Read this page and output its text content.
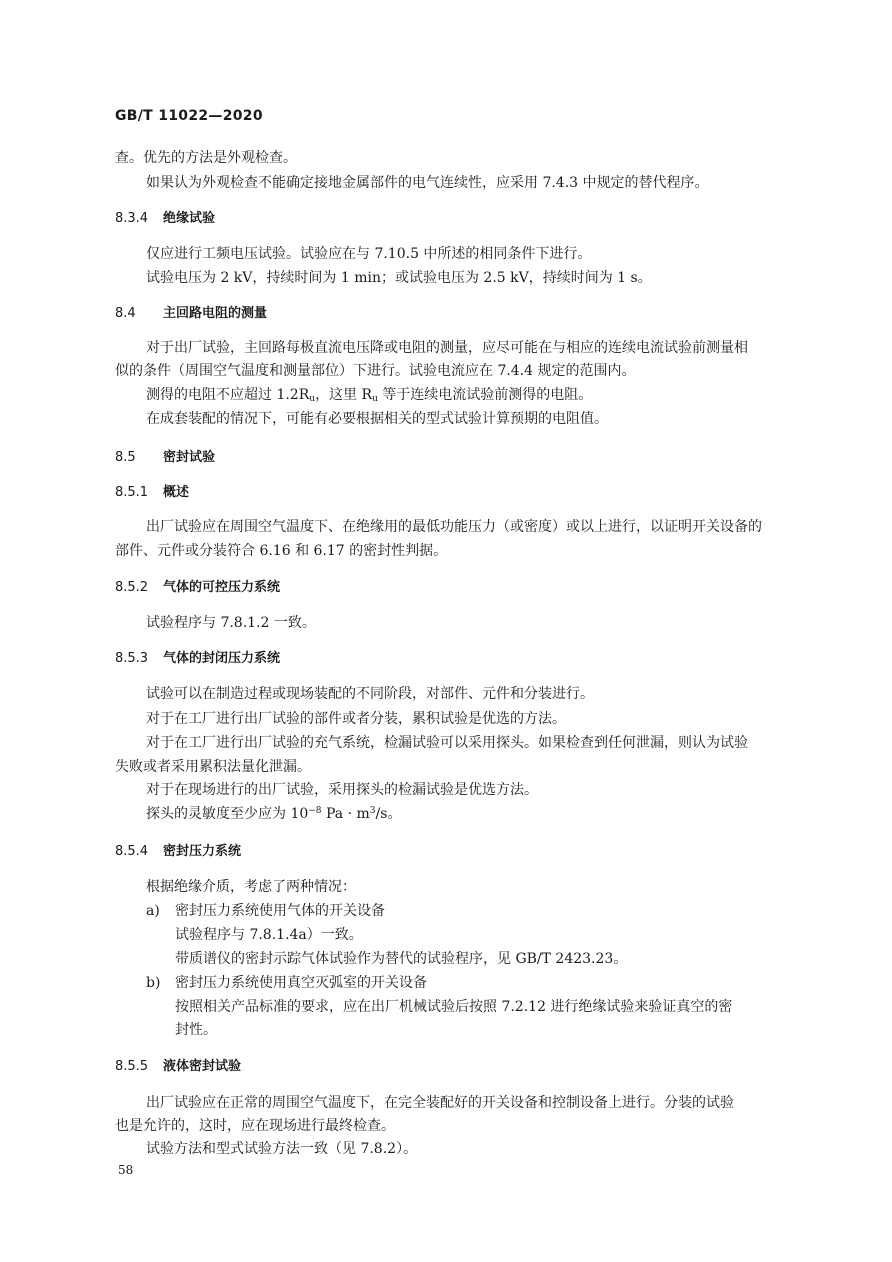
GB/T 11022—2020
查。优先的方法是外观检查。
如果认为外观检查不能确定接地金属部件的电气连续性，应采用 7.4.3 中规定的替代程序。
8.3.4 绝缘试验
仅应进行工频电压试验。试验应在与 7.10.5 中所述的相同条件下进行。
试验电压为 2 kV，持续时间为 1 min；或试验电压为 2.5 kV，持续时间为 1 s。
8.4 主回路电阻的测量
对于出厂试验，主回路每极直流电压降或电阻的测量，应尽可能在与相应的连续电流试验前测量相
似的条件（周围空气温度和测量部位）下进行。试验电流应在 7.4.4 规定的范围内。
测得的电阻不应超过 $1.2R_u$，这里 $R_u$ 等于连续电流试验前测得的电阻。
在成套装配的情况下，可能有必要根据相关的型式试验计算预期的电阻值。
8.5 密封试验
8.5.1 概述
出厂试验应在周围空气温度下、在绝缘用的最低功能压力（或密度）或以上进行，以证明开关设备的
部件、元件或分装符合 6.16 和 6.17 的密封性判据。
8.5.2 气体的可控压力系统
试验程序与 7.8.1.2 一致。
8.5.3 气体的封闭压力系统
试验可以在制造过程或现场装配的不同阶段，对部件、元件和分装进行。
对于在工厂进行出厂试验的部件或者分装，累积试验是优选的方法。
对于在工厂进行出厂试验的充气系统，检漏试验可以采用探头。如果检查到任何泄漏，则认为试验
失败或者采用累积法量化泄漏。
对于在现场进行的出厂试验，采用探头的检漏试验是优选方法。
探头的灵敏度至少应为 $10^{-8}$ $Pa \cdot m^3/s$。
8.5.4 密封压力系统
根据绝缘介质，考虑了两种情况：
a) 密封压力系统使用气体的开关设备
试验程序与 7.8.1.4a）一致。
带质谱仪的密封示踪气体试验作为替代的试验程序，见 GB/T 2423.23。
b) 密封压力系统使用真空灭弧室的开关设备
按照相关产品标准的要求，应在出厂机械试验后按照 7.2.12 进行绝缘试验来验证真空的密
封性。
8.5.5 液体密封试验
出厂试验应在正常的周围空气温度下，在完全装配好的开关设备和控制设备上进行。分装的试验
也是允许的，这时，应在现场进行最终检查。
试验方法和型式试验方法一致（见 7.8.2）。
58
